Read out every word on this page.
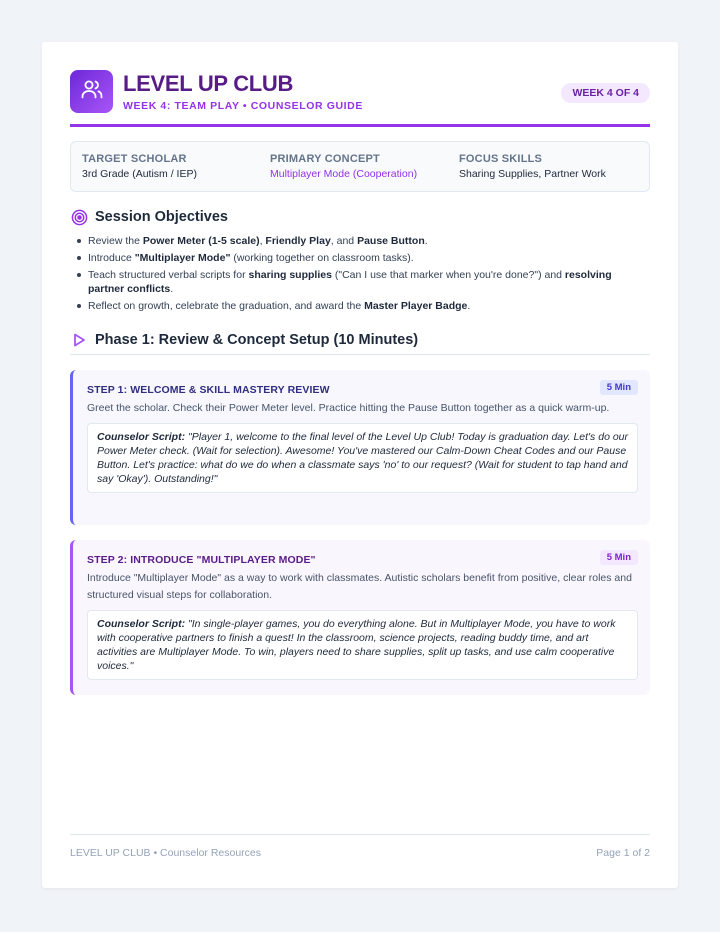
LEVEL UP CLUB
WEEK 4: TEAM PLAY • COUNSELOR GUIDE
WEEK 4 OF 4
TARGET SCHOLAR
3rd Grade (Autism / IEP)
PRIMARY CONCEPT
Multiplayer Mode (Cooperation)
FOCUS SKILLS
Sharing Supplies, Partner Work
Session Objectives
Review the Power Meter (1-5 scale), Friendly Play, and Pause Button.
Introduce "Multiplayer Mode" (working together on classroom tasks).
Teach structured verbal scripts for sharing supplies ("Can I use that marker when you're done?") and resolving partner conflicts.
Reflect on growth, celebrate the graduation, and award the Master Player Badge.
Phase 1: Review & Concept Setup (10 Minutes)
STEP 1: WELCOME & SKILL MASTERY REVIEW	5 Min
Greet the scholar. Check their Power Meter level. Practice hitting the Pause Button together as a quick warm-up.
Counselor Script: "Player 1, welcome to the final level of the Level Up Club! Today is graduation day. Let's do our Power Meter check. (Wait for selection). Awesome! You've mastered our Calm-Down Cheat Codes and our Pause Button. Let's practice: what do we do when a classmate says 'no' to our request? (Wait for student to tap hand and say 'Okay'). Outstanding!"
STEP 2: INTRODUCE "MULTIPLAYER MODE"	5 Min
Introduce "Multiplayer Mode" as a way to work with classmates. Autistic scholars benefit from positive, clear roles and structured visual steps for collaboration.
Counselor Script: "In single-player games, you do everything alone. But in Multiplayer Mode, you have to work with cooperative partners to finish a quest! In the classroom, science projects, reading buddy time, and art activities are Multiplayer Mode. To win, players need to share supplies, split up tasks, and use calm cooperative voices."
LEVEL UP CLUB • Counselor Resources	Page 1 of 2
